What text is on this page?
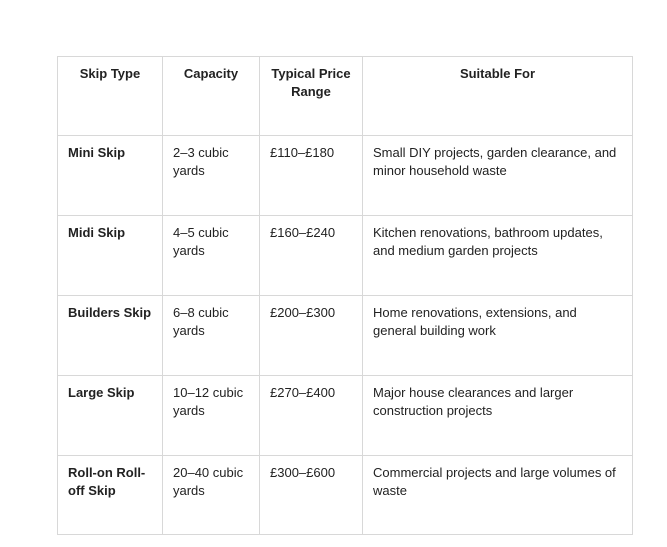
Skip Type	Capacity	Typical Price Range	Suitable For
Mini Skip	2–3 cubic yards	£110–£180	Small DIY projects, garden clearance, and minor household waste
Midi Skip	4–5 cubic yards	£160–£240	Kitchen renovations, bathroom updates, and medium garden projects
Builders Skip	6–8 cubic yards	£200–£300	Home renovations, extensions, and general building work
Large Skip	10–12 cubic yards	£270–£400	Major house clearances and larger construction projects
Roll-on Roll-off Skip	20–40 cubic yards	£300–£600	Commercial projects and large volumes of waste
